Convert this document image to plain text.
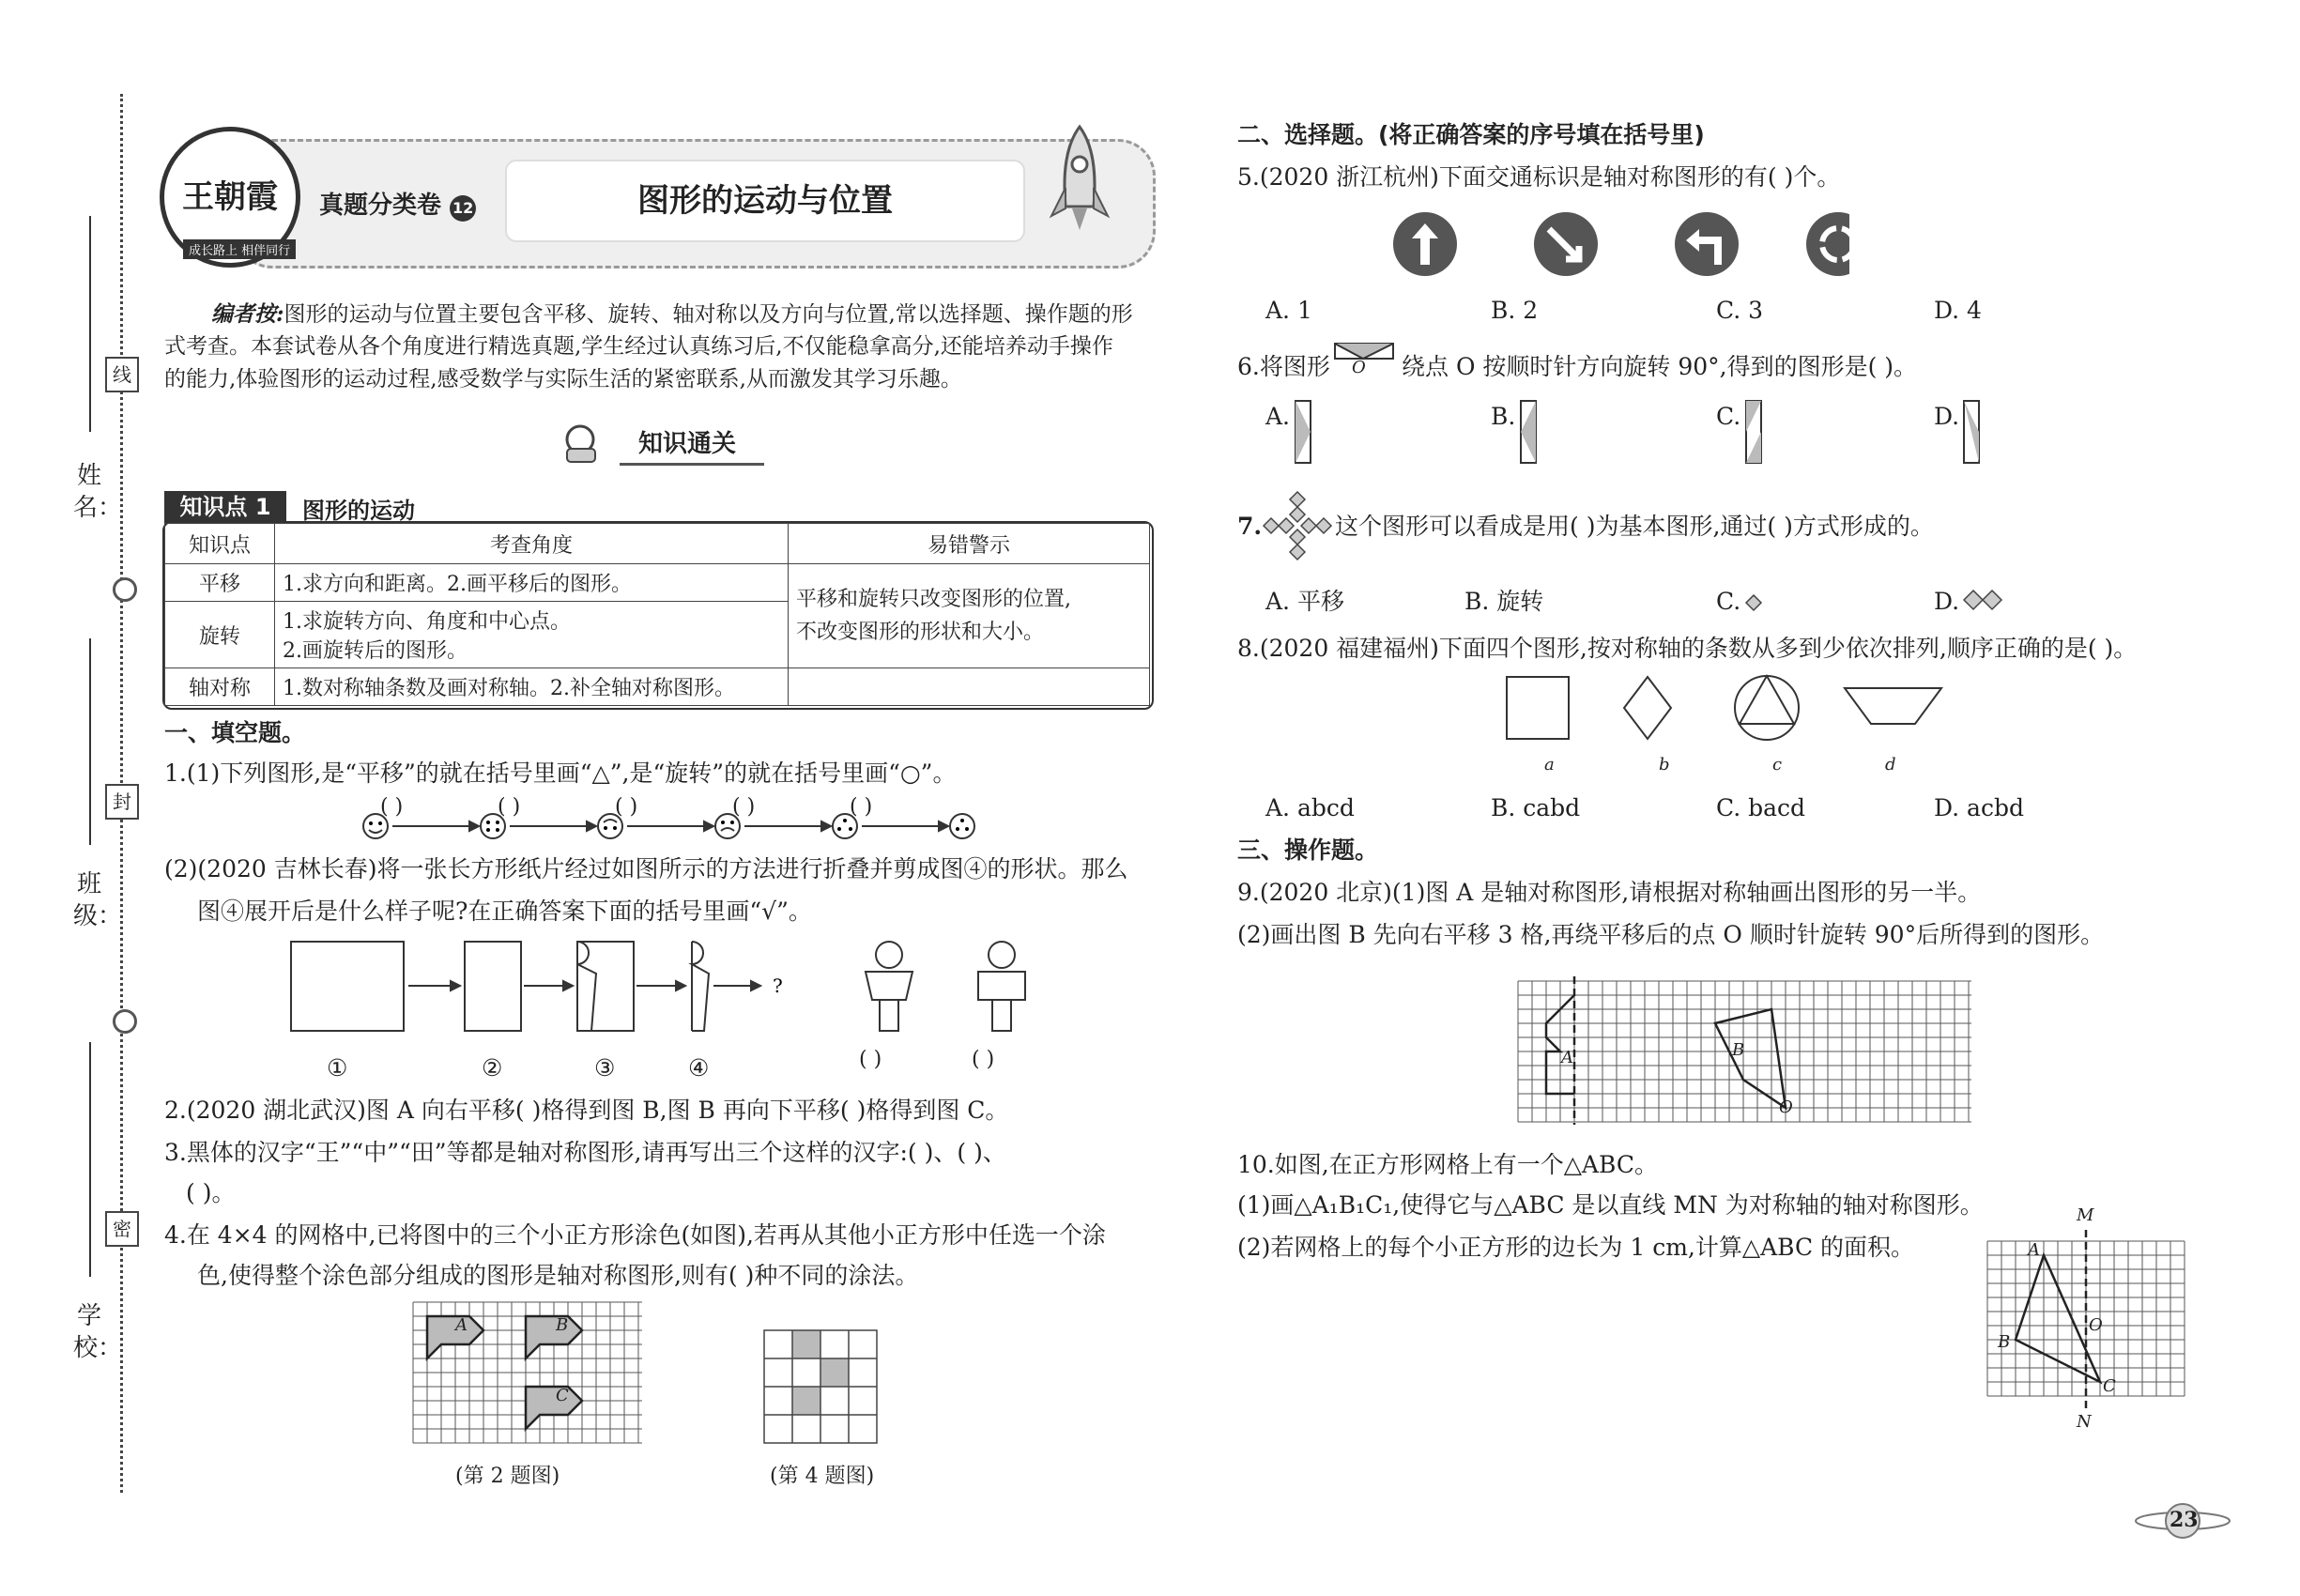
姓 名：
班 级：
学 校：
线
封
密
王朝霞
成长路上 相伴同行
真题分类卷 12	图形的运动与位置
编者按:图形的运动与位置主要包含平移、旋转、轴对称以及方向与位置,常以选择题、操作题的形
式考查。本套试卷从各个角度进行精选真题,学生经过认真练习后,不仅能稳拿高分,还能培养动手操作
的能力,体验图形的运动过程,感受数学与实际生活的紧密联系,从而激发其学习乐趣。
知识通关
知识点 1	图形的运动
知识点	考查角度	易错警示
平移	1.求方向和距离。2.画平移后的图形。	平移和旋转只改变图形的位置,
不改变图形的形状和大小。

旋转	1.求旋转方向、角度和中心点。
2.画旋转后的图形。	

轴对称	1.数对称轴条数及画对称轴。2.补全轴对称图形。	
一、填空题。
1.(1)下列图形,是“平移”的就在括号里画“△”,是“旋转”的就在括号里画“○”。
( )	( )	( )	( )	( )
(2)(2020 吉林长春)将一张长方形纸片经过如图所示的方法进行折叠并剪成图④的形状。那么
图④展开后是什么样子呢?在正确答案下面的括号里画“√”。
?
①	②	③	④	( )	( )
2.(2020 湖北武汉)图 A 向右平移( )格得到图 B,图 B 再向下平移( )格得到图 C。
3.黑体的汉字“王”“中”“田”等都是轴对称图形,请再写出三个这样的汉字:( )、( )、
( )。
4.在 4×4 的网格中,已将图中的三个小正方形涂色(如图),若再从其他小正方形中任选一个涂
色,使得整个涂色部分组成的图形是轴对称图形,则有( )种不同的涂法。
A	B
C
(第 2 题图)	(第 4 题图)
二、选择题。(将正确答案的序号填在括号里)
5.(2020 浙江杭州)下面交通标识是轴对称图形的有( )个。
A. 1	B. 2	C. 3	D. 4
6.将图形 O 绕点 O 按顺时针方向旋转 90°,得到的图形是( )。
A.	B.	C.	D.
7.	这个图形可以看成是用( )为基本图形,通过( )方式形成的。
A. 平移	B. 旋转	C.	D.
8.(2020 福建福州)下面四个图形,按对称轴的条数从多到少依次排列,顺序正确的是( )。
a	b	c	d
A. abcd	B. cabd	C. bacd	D. acbd
三、操作题。
9.(2020 北京)(1)图 A 是轴对称图形,请根据对称轴画出图形的另一半。
(2)画出图 B 先向右平移 3 格,再绕平移后的点 O 顺时针旋转 90°后所得到的图形。
A	B
O
10.如图,在正方形网格上有一个△ABC。
(1)画△A₁B₁C₁,使得它与△ABC 是以直线 MN 为对称轴的轴对称图形。
(2)若网格上的每个小正方形的边长为 1 cm,计算△ABC 的面积。
M
N
A
B
C
O
23
